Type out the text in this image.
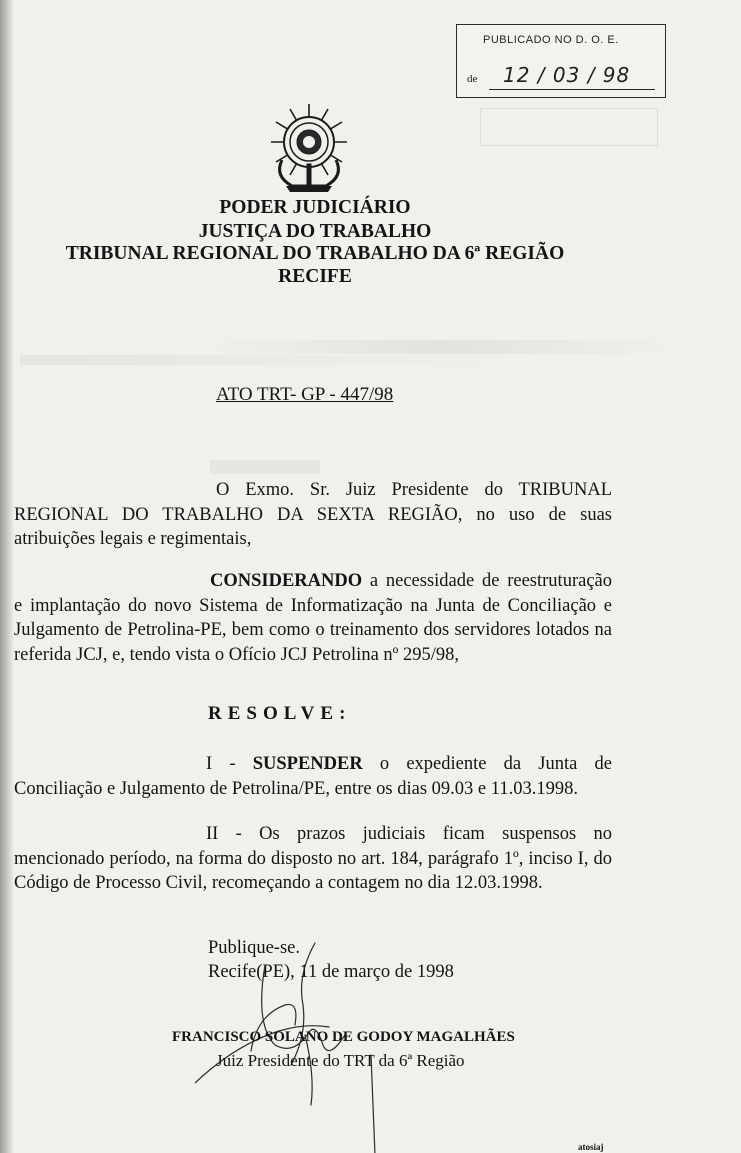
PUBLICADO NO D. O. E.
de 12 / 03 / 98
PODER JUDICIÁRIO
JUSTIÇA DO TRABALHO
TRIBUNAL REGIONAL DO TRABALHO DA 6ª REGIÃO
RECIFE
ATO TRT- GP - 447/98
O Exmo. Sr. Juiz Presidente do TRIBUNAL REGIONAL DO TRABALHO DA SEXTA REGIÃO, no uso de suas atribuições legais e regimentais,
CONSIDERANDO a necessidade de reestruturação e implantação do novo Sistema de Informatização na Junta de Conciliação e Julgamento de Petrolina-PE, bem como o treinamento dos servidores lotados na referida JCJ, e, tendo vista o Ofício JCJ Petrolina nº 295/98,
RESOLVE:
I - SUSPENDER o expediente da Junta de Conciliação e Julgamento de Petrolina/PE, entre os dias 09.03 e 11.03.1998.
II - Os prazos judiciais ficam suspensos no mencionado período, na forma do disposto no art. 184, parágrafo 1º, inciso I, do Código de Processo Civil, recomeçando a contagem no dia 12.03.1998.
Publique-se.
Recife(PE), 11 de março de 1998
FRANCISCO SOLANO DE GODOY MAGALHÃES
Juiz Presidente do TRT da 6ª Região
atosiaj
